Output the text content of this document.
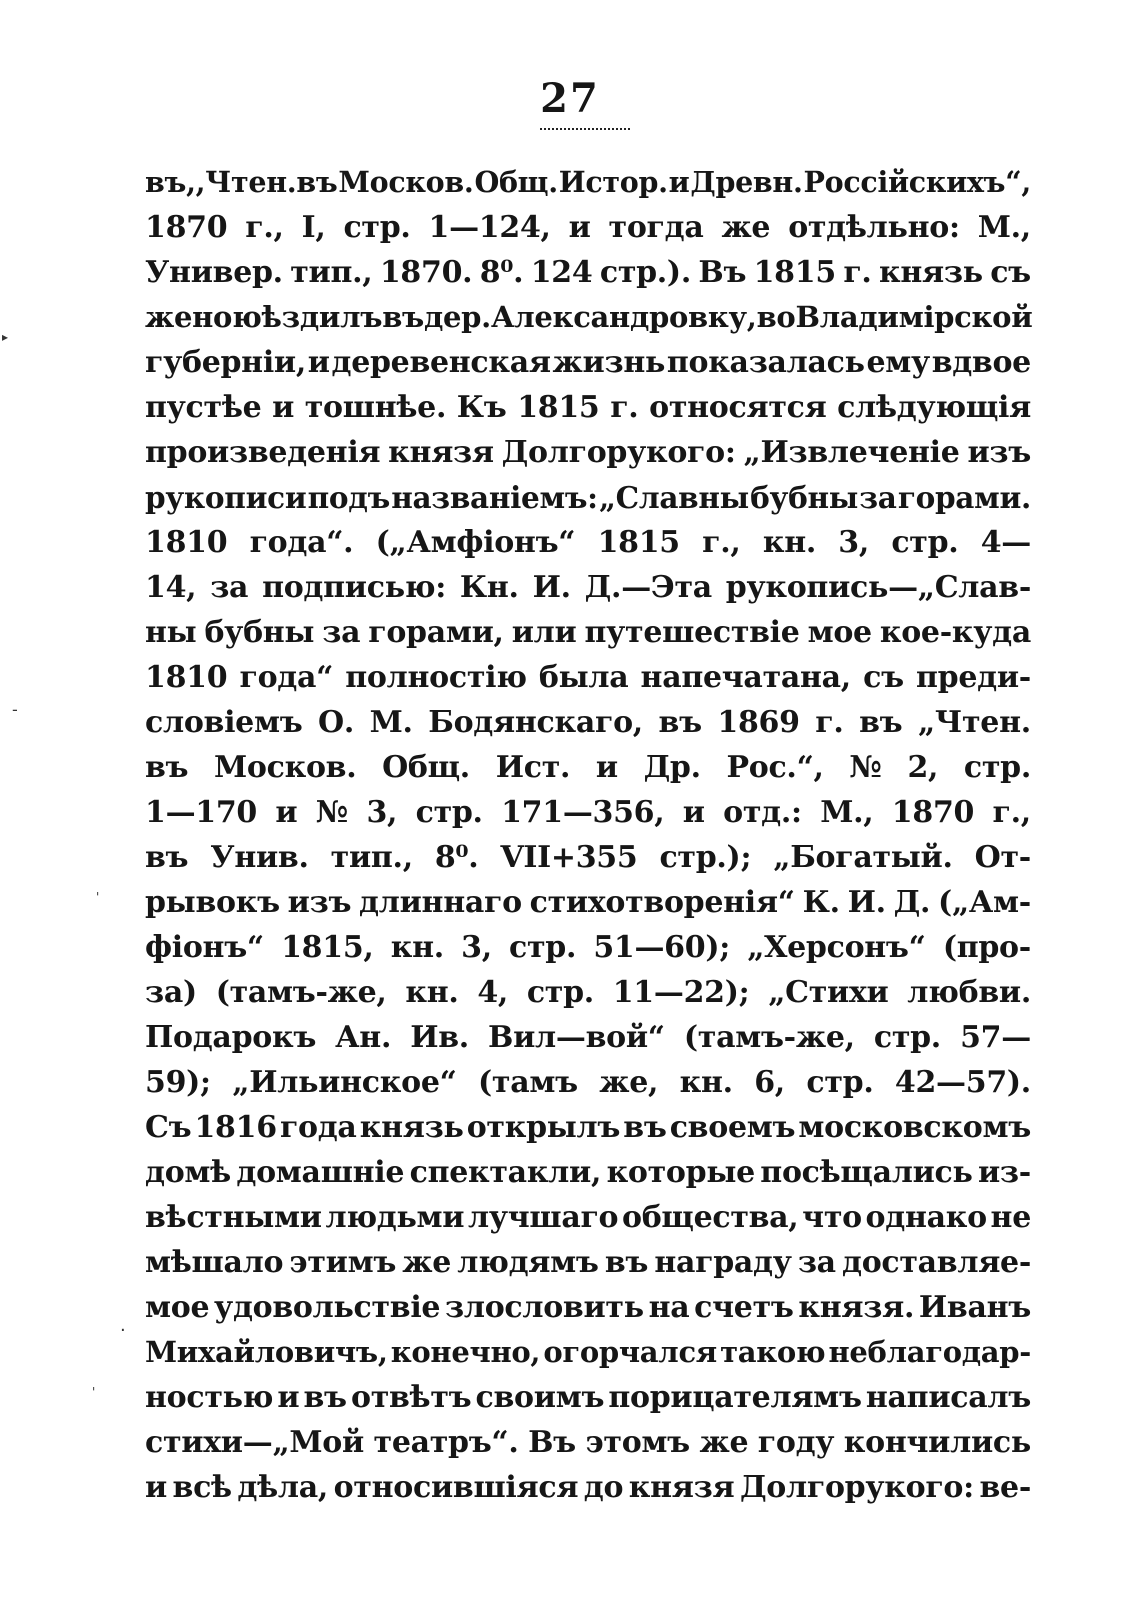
27
въ,,Чтен.въ Москов. Общ. Истор. и Древн. Россійскихъ“,
1870 г., I, стр. 1—124, и тогда же отдѣльно: М.,
Универ. тип., 1870. 8⁰. 124 стр.). Въ 1815 г. князь съ
женою ѣздилъ въ дер. Александровку, во Владимірской
губерніи, и деревенская жизнь показалась ему вдвое
пустѣе и тошнѣе. Къ 1815 г. относятся слѣдующія
произведенія князя Долгорукого: „Извлеченіе изъ
рукописи подъ названіемъ: „Славны бубны за горами.
1810 года“. („Амфіонъ“ 1815 г., кн. 3, стр. 4—
14, за подписью: Кн. И. Д.—Эта рукопись—„Слав-
ны бубны за горами, или путешествіе мое кое-куда
1810 года“ полностію была напечатана, съ преди-
словіемъ О. М. Бодянскаго, въ 1869 г. въ „Чтен.
въ Москов. Общ. Ист. и Др. Рос.“, № 2, стр.
1—170 и № 3, стр. 171—356, и отд.: М., 1870 г.,
въ Унив. тип., 8⁰. VII+355 стр.); „Богатый. От-
рывокъ изъ длиннаго стихотворенія“ К. И. Д. („Ам-
фіонъ“ 1815, кн. 3, стр. 51—60); „Херсонъ“ (про-
за) (тамъ-же, кн. 4, стр. 11—22); „Стихи любви.
Подарокъ Ан. Ив. Вил—вой“ (тамъ-же, стр. 57—
59); „Ильинское“ (тамъ же, кн. 6, стр. 42—57).
Съ 1816 года князь открылъ въ своемъ московскомъ
домѣ домашніе спектакли, которые посѣщались из-
вѣстными людьми лучшаго общества, что однако не
мѣшало этимъ же людямъ въ награду за доставляе-
мое удовольствіе злословить на счетъ князя. Иванъ
Михайловичъ, конечно, огорчался такою неблагодар-
ностью и въ отвѣтъ своимъ порицателямъ написалъ
стихи—„Мой театръ“. Въ этомъ же году кончились
и всѣ дѣла, относившіяся до князя Долгорукого: ве-
▸
-
'
·
'
